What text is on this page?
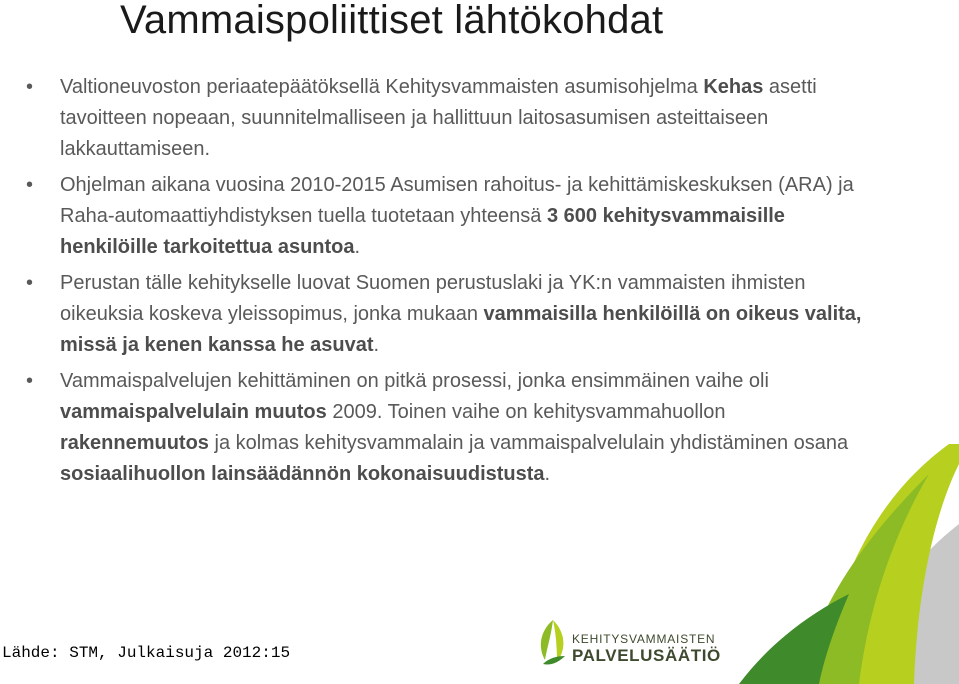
Vammaispoliittiset lähtökohdat
• Valtioneuvoston periaatepäätöksellä Kehitysvammaisten asumisohjelma Kehas asetti tavoitteen nopeaan, suunnitelmalliseen ja hallittuun laitosasumisen asteittaiseen lakkauttamiseen.
• Ohjelman aikana vuosina 2010-2015 Asumisen rahoitus- ja kehittämiskeskuksen (ARA) ja Raha-automaattiyhdistyksen tuella tuotetaan yhteensä 3 600 kehitysvammaisille henkilöille tarkoitettua asuntoa.
• Perustan tälle kehitykselle luovat Suomen perustuslaki ja YK:n vammaisten ihmisten oikeuksia koskeva yleissopimus, jonka mukaan vammaisilla henkilöillä on oikeus valita, missä ja kenen kanssa he asuvat.
• Vammaispalvelujen kehittäminen on pitkä prosessi, jonka ensimmäinen vaihe oli vammaispalvelulain muutos 2009. Toinen vaihe on kehitysvammahuollon rakennemuutos ja kolmas kehitysvammalain ja vammaispalvelulain yhdistäminen osana sosiaalihuollon lainsäädännön kokonaisuudistusta.
Lähde: STM, Julkaisuja 2012:15
KEHITYSVAMMAISTEN
PALVELUSÄÄTIÖ
